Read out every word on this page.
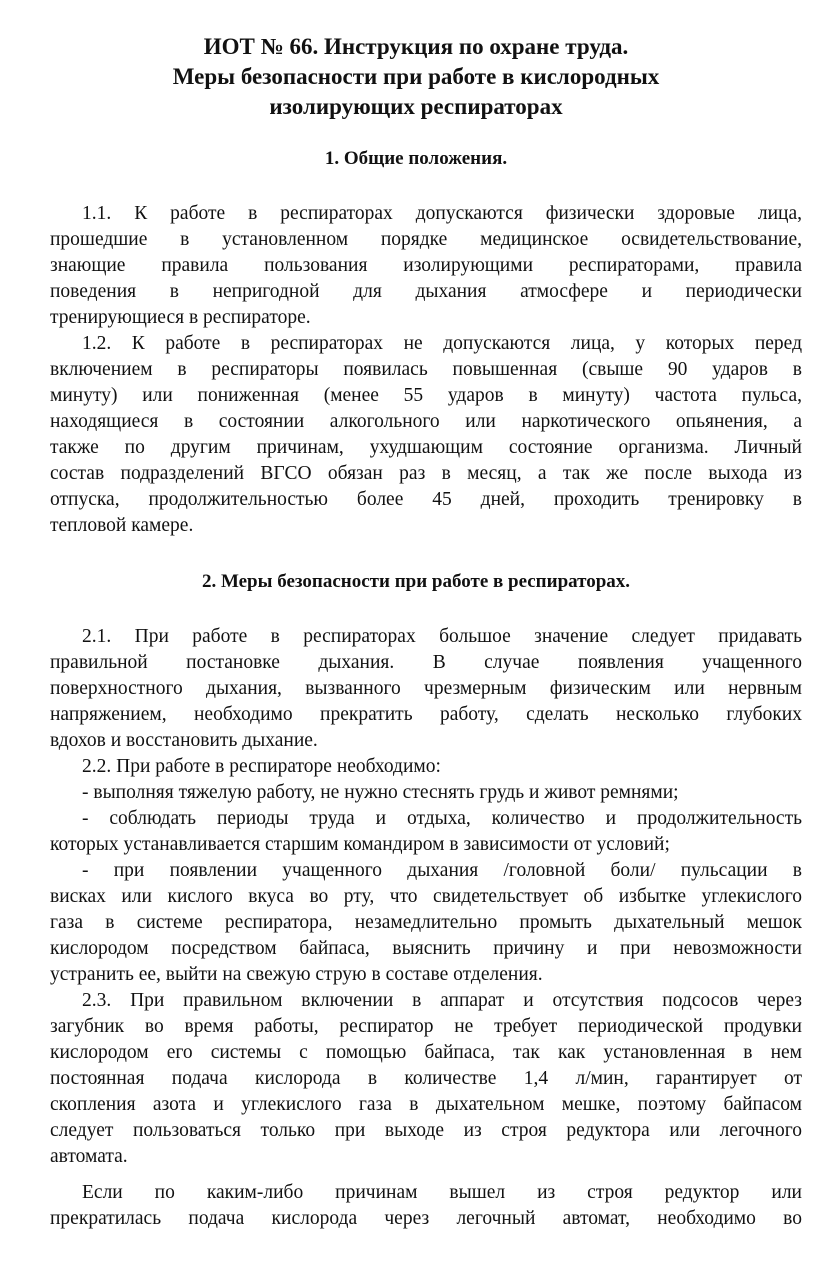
ИОТ № 66. Инструкция по охране труда.
Меры безопасности при работе в кислородных
изолирующих респираторах
1. Общие положения.
1.1. К работе в респираторах допускаются физически здоровые лица,
прошедшие в установленном порядке медицинское освидетельствование,
знающие правила пользования изолирующими респираторами, правила
поведения в непригодной для дыхания атмосфере и периодически
тренирующиеся в респираторе.
1.2. К работе в респираторах не допускаются лица, у которых перед
включением в респираторы появилась повышенная (свыше 90 ударов в
минуту) или пониженная (менее 55 ударов в минуту) частота пульса,
находящиеся в состоянии алкогольного или наркотического опьянения, а
также по другим причинам, ухудшающим состояние организма. Личный
состав подразделений ВГСО обязан раз в месяц, а так же после выхода из
отпуска, продолжительностью более 45 дней, проходить тренировку в
тепловой камере.
2. Меры безопасности при работе в респираторах.
2.1. При работе в респираторах большое значение следует придавать
правильной постановке дыхания. В случае появления учащенного
поверхностного дыхания, вызванного чрезмерным физическим или нервным
напряжением, необходимо прекратить работу, сделать несколько глубоких
вдохов и восстановить дыхание.
2.2. При работе в респираторе необходимо:
- выполняя тяжелую работу, не нужно стеснять грудь и живот ремнями;
- соблюдать периоды труда и отдыха, количество и продолжительность
которых устанавливается старшим командиром в зависимости от условий;
- при появлении учащенного дыхания /головной боли/ пульсации в
висках или кислого вкуса во рту, что свидетельствует об избытке углекислого
газа в системе респиратора, незамедлительно промыть дыхательный мешок
кислородом посредством байпаса, выяснить причину и при невозможности
устранить ее, выйти на свежую струю в составе отделения.
2.3. При правильном включении в аппарат и отсутствия подсосов через
загубник во время работы, респиратор не требует периодической продувки
кислородом его системы с помощью байпаса, так как установленная в нем
постоянная подача кислорода в количестве 1,4 л/мин, гарантирует от
скопления азота и углекислого газа в дыхательном мешке, поэтому байпасом
следует пользоваться только при выходе из строя редуктора или легочного
автомата.
Если по каким-либо причинам вышел из строя редуктор или
прекратилась подача кислорода через легочный автомат, необходимо во
